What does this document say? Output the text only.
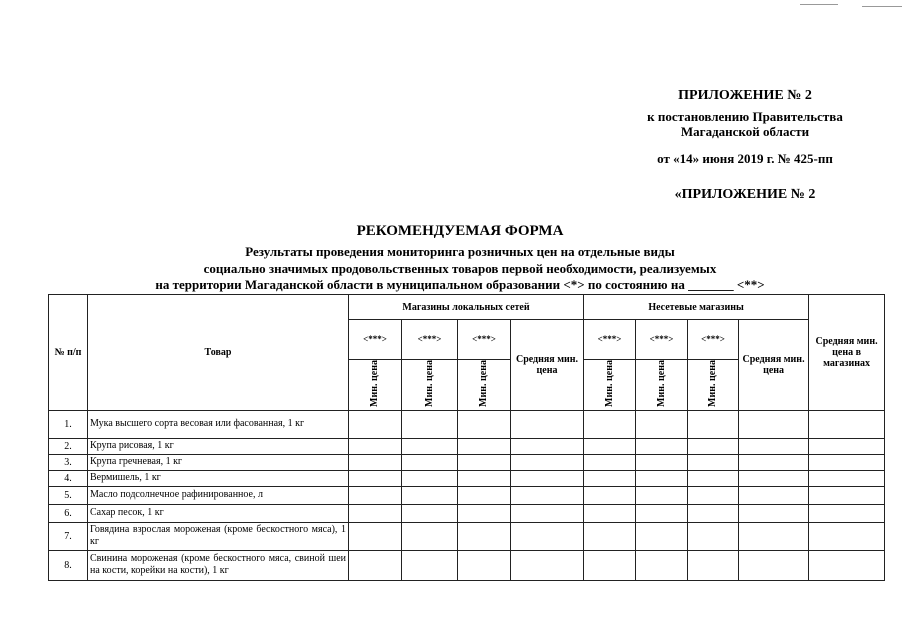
ПРИЛОЖЕНИЕ № 2
к постановлению Правительства
Магаданской области
от «14» июня 2019 г. № 425-пп
«ПРИЛОЖЕНИЕ № 2
РЕКОМЕНДУЕМАЯ ФОРМА
Результаты проведения мониторинга розничных цен на отдельные виды
социально значимых продовольственных товаров первой необходимости, реализуемых
на территории Магаданской области в муниципальном образовании <*> по состоянию на _______ <**>
№ п/п	Товар	Магазины локальных сетей				Несетевые магазины				Средняя мин. цена в магазинах
		<***>	<***>	<***>	Средняя мин. цена	<***>	<***>	<***>	Средняя мин. цена	
		Мин. цена	Мин. цена	Мин. цена		Мин. цена	Мин. цена	Мин. цена		
1.	Мука высшего сорта весовая или фасованная, 1 кг									
2.	Крупа рисовая, 1 кг									
3.	Крупа гречневая, 1 кг									
4.	Вермишель, 1 кг									
5.	Масло подсолнечное рафинированное, л									
6.	Сахар песок, 1 кг									
7.	Говядина взрослая мороженая (кроме бескостного мяса), 1 кг									
8.	Свинина мороженая (кроме бескостного мяса, свиной шеи на кости, корейки на кости), 1 кг									
